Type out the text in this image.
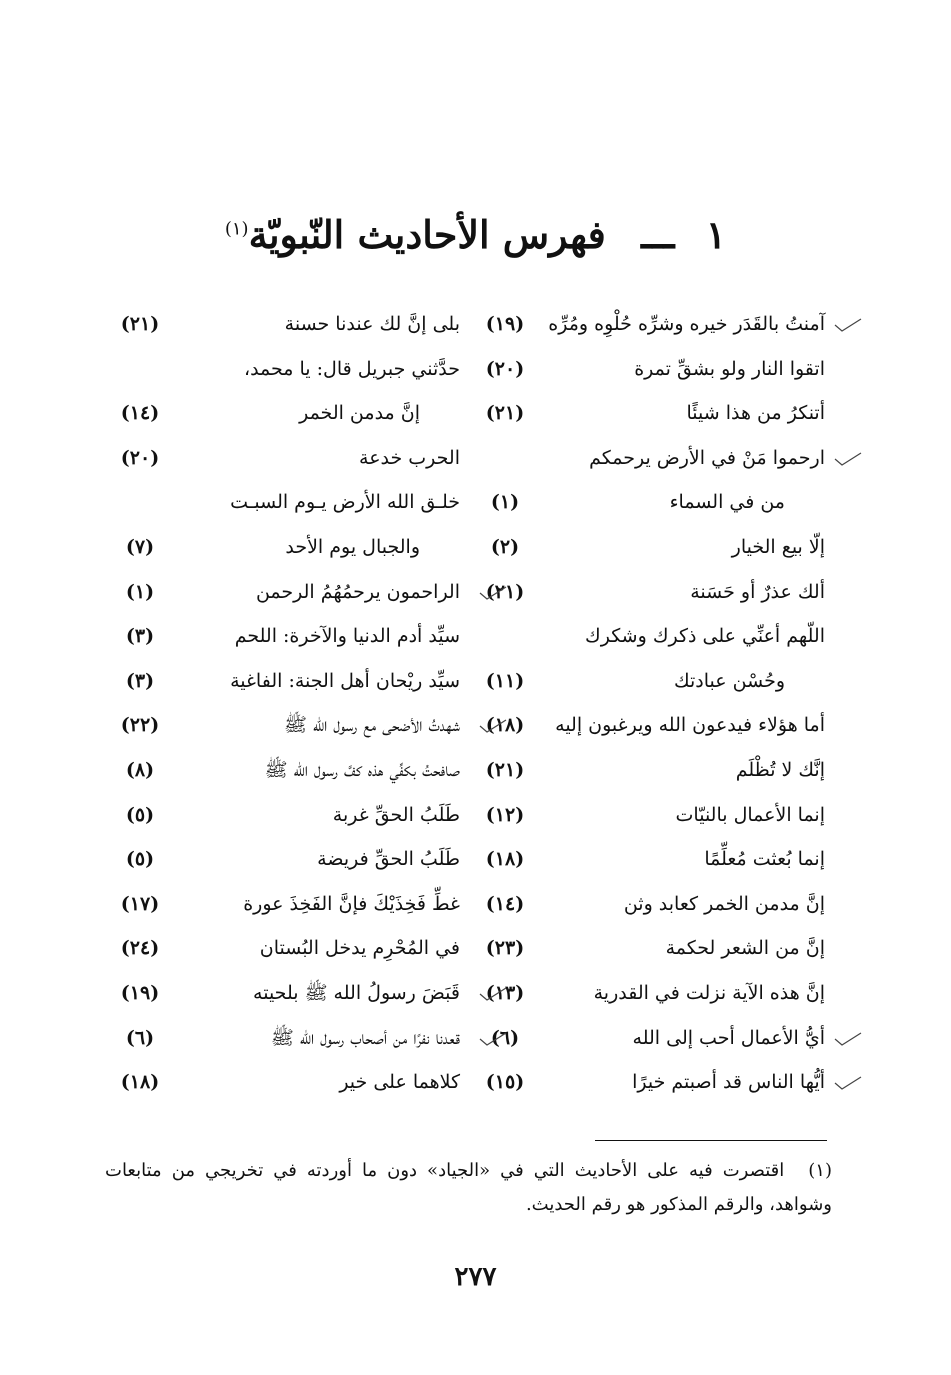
١ ـــ فهرس الأحاديث النّبويّة$^{(١)}$
آمنتُ بالقَدَر خيره وشرِّه حُلْوِه ومُرِّه
(١٩)
اتقوا النار ولو بشقِّ تمرة
(٢٠)
أتنكرُ من هذا شيئًا
(٢١)
ارحموا مَنْ في الأرض يرحمكم
من في السماء
(١)
إلّا بيع الخيار
(٢)
ألك عذرٌ أو حَسَنة
(٢١)
اللّهم أعنِّي على ذكرك وشكرك
وحُسْن عبادتك
(١١)
أما هؤلاء فيدعون الله ويرغبون إليه
(١٨)
إنَّك لا تُظْلَم
(٢١)
إنما الأعمال بالنيّات
(١٢)
إنما بُعثت مُعلِّمًا
(١٨)
إنَّ مدمن الخمر كعابد وثن
(١٤)
إنَّ من الشعر لحكمة
(٢٣)
إنَّ هذه الآية نزلت في القدرية
(١٣)
أيُّ الأعمال أحب إلى الله
(٦)
أيُّها الناس قد أصبتم خيرًا
(١٥)
بلى إنَّ لك عندنا حسنة
(٢١)
حدَّثني جبريل قال: يا محمد،
إنَّ مدمن الخمر
(١٤)
الحرب خدعة
(٢٠)
خلـق الله الأرض يـوم السبـت
والجبال يوم الأحد
(٧)
الراحمون يرحمُهُمُ الرحمن
(١)
سيِّد أدم الدنيا والآخرة: اللحم
(٣)
سيِّد ريْحان أهل الجنة: الفاغية
(٣)
شهدتُ الأضحى مع رسول الله ﷺ
(٢٢)
صافحتُ بكفِّي هذه كفَّ رسول الله ﷺ
(٨)
طَلَبُ الحقِّ غربة
(٥)
طَلَبُ الحقِّ فريضة
(٥)
غطِّ فَخِذَيْكَ فإنَّ الفَخِذَ عورة
(١٧)
في المُحْرِم يدخل البُستان
(٢٤)
قَبَضَ رسولُ الله ﷺ بلحيته
(١٩)
قعدنا نفرًا من أصحاب رسول الله ﷺ
(٦)
كلاهما على خير
(١٨)
(١) اقتصرت فيه على الأحاديث التي في «الجياد» دون ما أوردته في تخريجي من متابعات وشواهد، والرقم المذكور هو رقم الحديث.
٢٧٧
